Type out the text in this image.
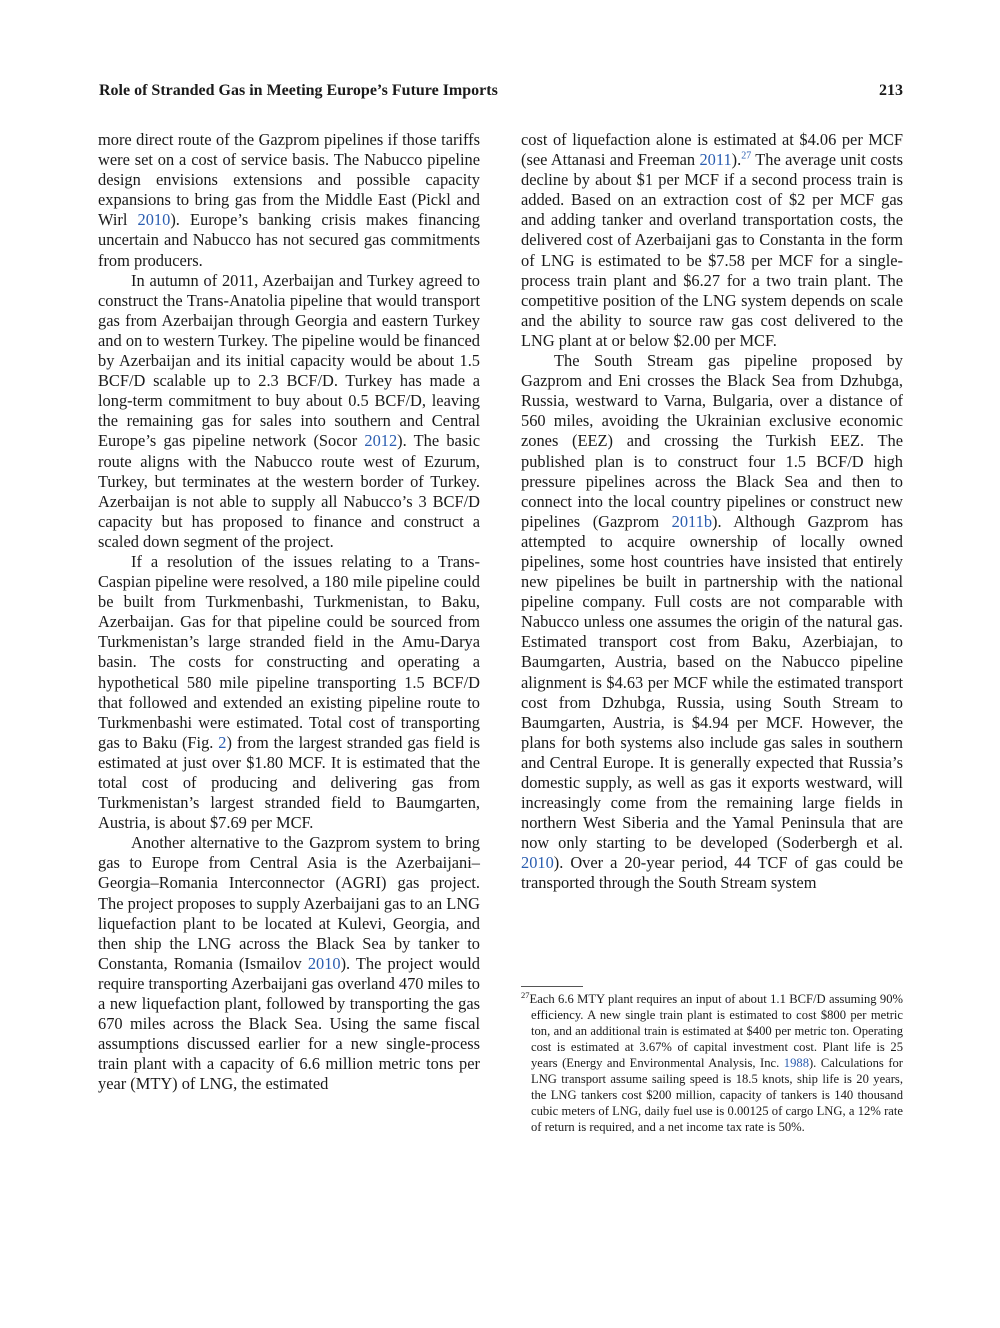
Role of Stranded Gas in Meeting Europe’s Future Imports	213

more direct route of the Gazprom pipelines if those tariffs were set on a cost of service basis. The Nabucco pipeline design envisions extensions and possible capacity expansions to bring gas from the Middle East (Pickl and Wirl 2010). Europe’s banking crisis makes financing uncertain and Nabucco has not secured gas commitments from producers.

In autumn of 2011, Azerbaijan and Turkey agreed to construct the Trans-Anatolia pipeline that would transport gas from Azerbaijan through Georgia and eastern Turkey and on to western Turkey. The pipeline would be financed by Azerbaijan and its initial capacity would be about 1.5 BCF/D scalable up to 2.3 BCF/D. Turkey has made a long-term commitment to buy about 0.5 BCF/D, leaving the remaining gas for sales into southern and Central Europe’s gas pipeline network (Socor 2012). The basic route aligns with the Nabucco route west of Ezurum, Turkey, but terminates at the western border of Turkey. Azerbaijan is not able to supply all Nabucco’s 3 BCF/D capacity but has proposed to finance and construct a scaled down segment of the project.

If a resolution of the issues relating to a Trans-Caspian pipeline were resolved, a 180 mile pipeline could be built from Turkmenbashi, Turkmenistan, to Baku, Azerbaijan. Gas for that pipeline could be sourced from Turkmenistan’s large stranded field in the Amu-Darya basin. The costs for constructing and operating a hypothetical 580 mile pipeline transporting 1.5 BCF/D that followed and extended an existing pipeline route to Turkmenbashi were estimated. Total cost of transporting gas to Baku (Fig. 2) from the largest stranded gas field is estimated at just over $1.80 MCF. It is estimated that the total cost of producing and delivering gas from Turkmenistan’s largest stranded field to Baumgarten, Austria, is about $7.69 per MCF.

Another alternative to the Gazprom system to bring gas to Europe from Central Asia is the Azerbaijani–Georgia–Romania Interconnector (AGRI) gas project. The project proposes to supply Azerbaijani gas to an LNG liquefaction plant to be located at Kulevi, Georgia, and then ship the LNG across the Black Sea by tanker to Constanta, Romania (Ismailov 2010). The project would require transporting Azerbaijani gas overland 470 miles to a new liquefaction plant, followed by transporting the gas 670 miles across the Black Sea. Using the same fiscal assumptions discussed earlier for a new single-process train plant with a capacity of 6.6 million metric tons per year (MTY) of LNG, the estimated

cost of liquefaction alone is estimated at $4.06 per MCF (see Attanasi and Freeman 2011).$^{27}$ The average unit costs decline by about $1 per MCF if a second process train is added. Based on an extraction cost of $2 per MCF gas and adding tanker and overland transportation costs, the delivered cost of Azerbaijani gas to Constanta in the form of LNG is estimated to be $7.58 per MCF for a single-process train plant and $6.27 for a two train plant. The competitive position of the LNG system depends on scale and the ability to source raw gas cost delivered to the LNG plant at or below $2.00 per MCF.

The South Stream gas pipeline proposed by Gazprom and Eni crosses the Black Sea from Dzhubga, Russia, westward to Varna, Bulgaria, over a distance of 560 miles, avoiding the Ukrainian exclusive economic zones (EEZ) and crossing the Turkish EEZ. The published plan is to construct four 1.5 BCF/D high pressure pipelines across the Black Sea and then to connect into the local country pipelines or construct new pipelines (Gazprom 2011b). Although Gazprom has attempted to acquire ownership of locally owned pipelines, some host countries have insisted that entirely new pipelines be built in partnership with the national pipeline company. Full costs are not comparable with Nabucco unless one assumes the origin of the natural gas. Estimated transport cost from Baku, Azerbiajan, to Baumgarten, Austria, based on the Nabucco pipeline alignment is $4.63 per MCF while the estimated transport cost from Dzhubga, Russia, using South Stream to Baumgarten, Austria, is $4.94 per MCF. However, the plans for both systems also include gas sales in southern and Central Europe. It is generally expected that Russia’s domestic supply, as well as gas it exports westward, will increasingly come from the remaining large fields in northern West Siberia and the Yamal Peninsula that are now only starting to be developed (Soderbergh et al. 2010). Over a 20-year period, 44 TCF of gas could be transported through the South Stream system

$^{27}$Each 6.6 MTY plant requires an input of about 1.1 BCF/D assuming 90% efficiency. A new single train plant is estimated to cost $800 per metric ton, and an additional train is estimated at $400 per metric ton. Operating cost is estimated at 3.67% of capital investment cost. Plant life is 25 years (Energy and Environmental Analysis, Inc. 1988). Calculations for LNG transport assume sailing speed is 18.5 knots, ship life is 20 years, the LNG tankers cost $200 million, capacity of tankers is 140 thousand cubic meters of LNG, daily fuel use is 0.00125 of cargo LNG, a 12% rate of return is required, and a net income tax rate is 50%.
